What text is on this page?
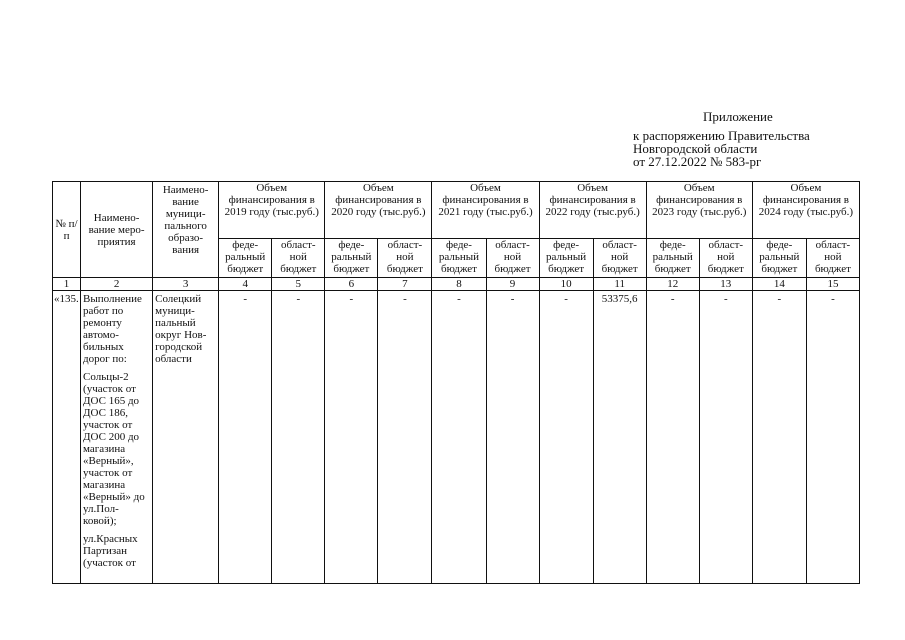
Приложение
к распоряжению Правительства
Новгородской области
от 27.12.2022 № 583-рг
№ п/п	Наимено-вание меро-приятия	Наимено-вание муници-пального образо-вания	Объем финансирования в 2019 году (тыс.руб.)		Объем финансирования в 2020 году (тыс.руб.)		Объем финансирования в 2021 году (тыс.руб.)		Объем финансирования в 2022 году (тыс.руб.)		Объем финансирования в 2023 году (тыс.руб.)		Объем финансирования в 2024 году (тыс.руб.)	
			феде-ральный бюджет	област-ной бюджет	феде-ральный бюджет	област-ной бюджет	феде-ральный бюджет	област-ной бюджет	феде-ральный бюджет	област-ной бюджет	феде-ральный бюджет	област-ной бюджет	феде-ральный бюджет	област-ной бюджет
1	2	3	4	5	6	7	8	9	10	11	12	13	14	15
«135.	Выполнение работ по ремонту автомо-бильных дорог по:
Сольцы-2 (участок от ДОС 165 до ДОС 186, участок от ДОС 200 до магазина «Верный», участок от магазина «Верный» до ул.Пол-ковой);
ул.Красных Партизан (участок от	Солецкий муници-пальный округ Нов-городской области	-	-	-	-	-	-	-	53375,6	-	-	-	-
